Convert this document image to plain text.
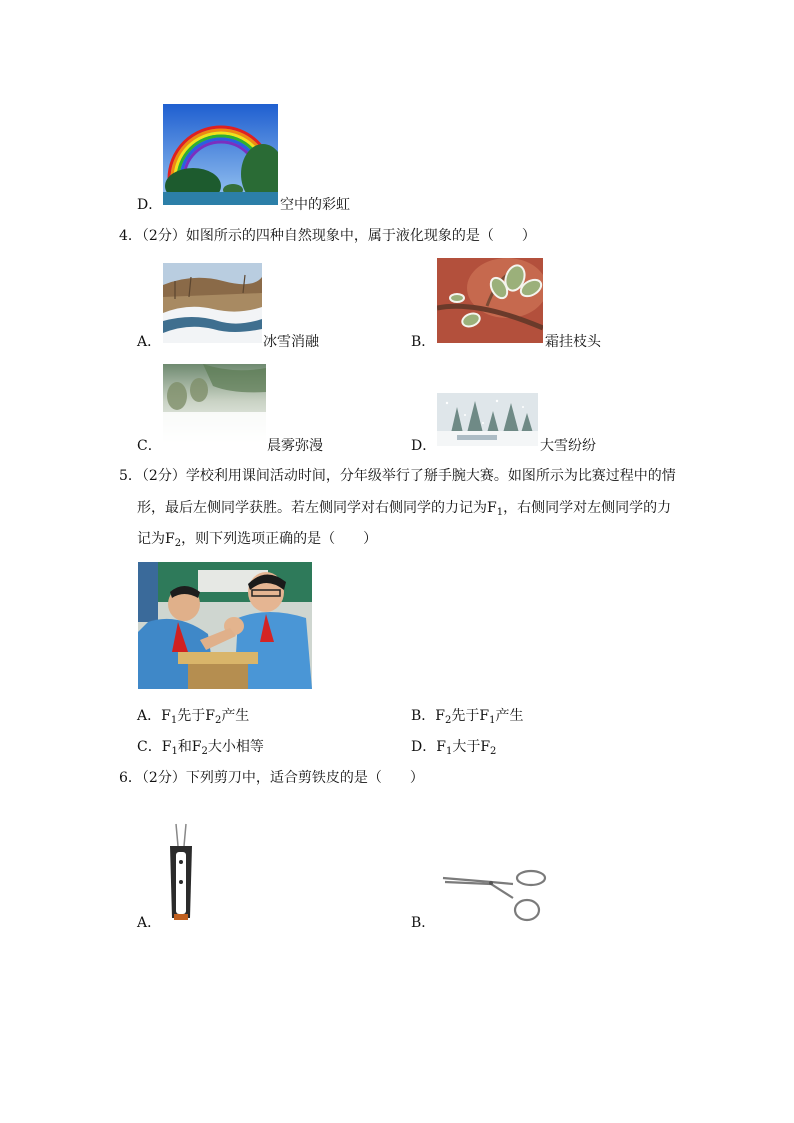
D．	空中的彩虹
4．（2分）如图所示的四种自然现象中，属于液化现象的是（　　）
A．	冰雪消融	B．	霜挂枝头
C．	晨雾弥漫	D．	大雪纷纷
5．（2分）学校利用课间活动时间，分年级举行了掰手腕大赛。如图所示为比赛过程中的情
形，最后左侧同学获胜。若左侧同学对右侧同学的力记为$F_1$，右侧同学对左侧同学的力
记为$F_2$，则下列选项正确的是（　　）
A．$F_1$先于$F_2$产生	B．$F_2$先于$F_1$产生
C．$F_1$和$F_2$大小相等	D．$F_1$大于$F_2$
6．（2分）下列剪刀中，适合剪铁皮的是（　　）
A．	B．
